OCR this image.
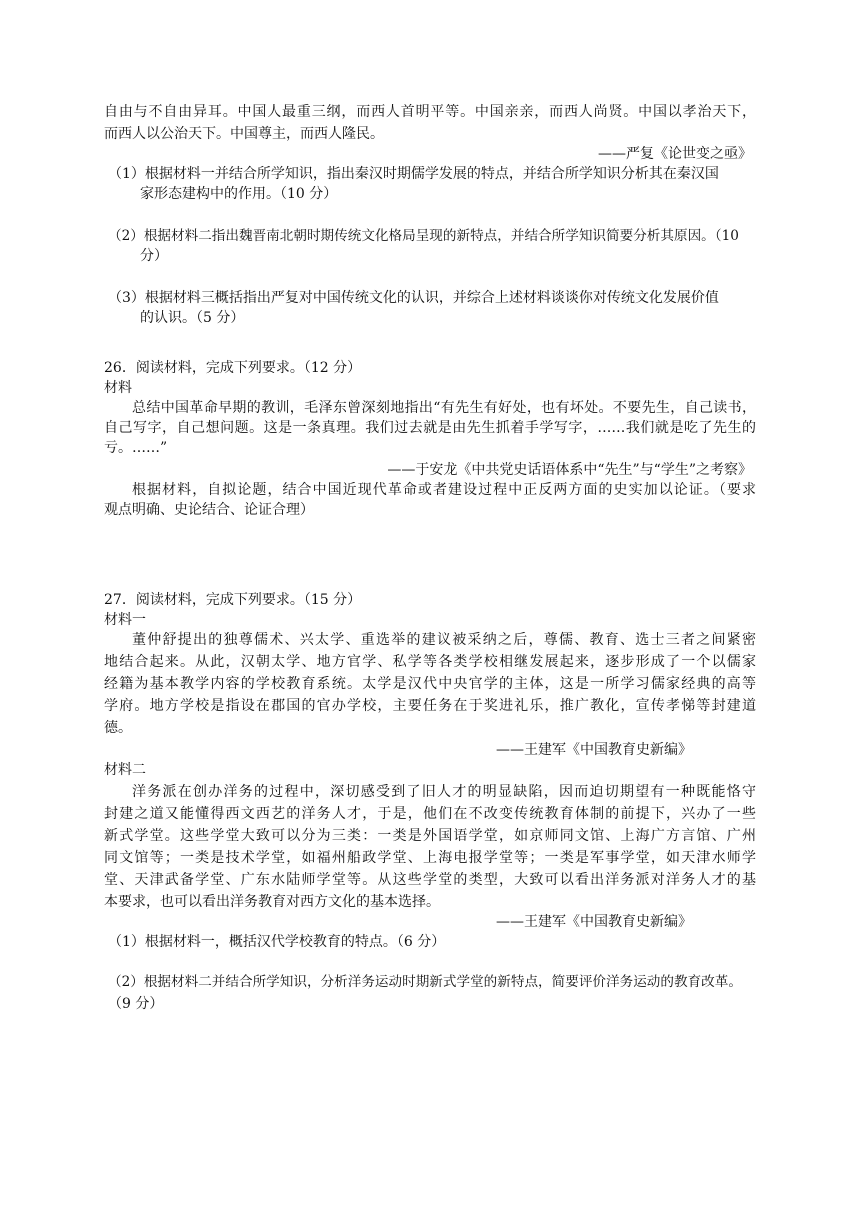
自由与不自由异耳。中国人最重三纲，而西人首明平等。中国亲亲，而西人尚贤。中国以孝治天下，
而西人以公治天下。中国尊主，而西人隆民。
——严复《论世变之亟》
（1）根据材料一并结合所学知识，指出秦汉时期儒学发展的特点，并结合所学知识分析其在秦汉国
家形态建构中的作用。（10 分）
（2）根据材料二指出魏晋南北朝时期传统文化格局呈现的新特点，并结合所学知识简要分析其原因。（10
分）
（3）根据材料三概括指出严复对中国传统文化的认识，并综合上述材料谈谈你对传统文化发展价值
的认识。（5 分）
26．阅读材料，完成下列要求。（12 分）
材料
总结中国革命早期的教训，毛泽东曾深刻地指出“有先生有好处，也有坏处。不要先生，自己读书，
自己写字，自己想问题。这是一条真理。我们过去就是由先生抓着手学写字，……我们就是吃了先生的
亏。……”
——于安龙《中共党史话语体系中“先生”与“学生”之考察》
根据材料，自拟论题，结合中国近现代革命或者建设过程中正反两方面的史实加以论证。（要求
观点明确、史论结合、论证合理）
27．阅读材料，完成下列要求。（15 分）
材料一
董仲舒提出的独尊儒术、兴太学、重选举的建议被采纳之后，尊儒、教育、选士三者之间紧密
地结合起来。从此，汉朝太学、地方官学、私学等各类学校相继发展起来，逐步形成了一个以儒家
经籍为基本教学内容的学校教育系统。太学是汉代中央官学的主体，这是一所学习儒家经典的高等
学府。地方学校是指设在郡国的官办学校，主要任务在于奖进礼乐，推广教化，宣传孝悌等封建道
德。
——王建军《中国教育史新编》
材料二
洋务派在创办洋务的过程中，深切感受到了旧人才的明显缺陷，因而迫切期望有一种既能恪守
封建之道又能懂得西文西艺的洋务人才，于是，他们在不改变传统教育体制的前提下，兴办了一些
新式学堂。这些学堂大致可以分为三类：一类是外国语学堂，如京师同文馆、上海广方言馆、广州
同文馆等；一类是技术学堂，如福州船政学堂、上海电报学堂等；一类是军事学堂，如天津水师学
堂、天津武备学堂、广东水陆师学堂等。从这些学堂的类型，大致可以看出洋务派对洋务人才的基
本要求，也可以看出洋务教育对西方文化的基本选择。
——王建军《中国教育史新编》
（1）根据材料一，概括汉代学校教育的特点。（6 分）
（2）根据材料二并结合所学知识，分析洋务运动时期新式学堂的新特点，简要评价洋务运动的教育改革。
（9 分）
